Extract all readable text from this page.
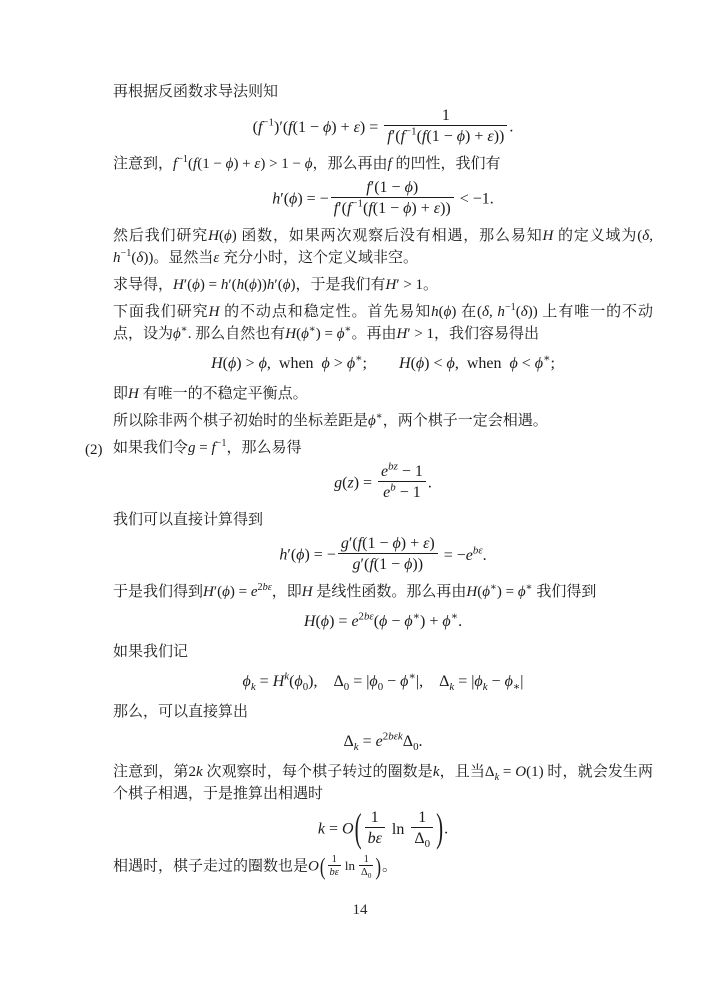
再根据反函数求导法则知
$(f^{-1})'(f(1 - \phi) + \varepsilon) = \frac{1}{f'(f^{-1}(f(1 - \phi) + \varepsilon))}$ .
注意到，$f^{-1}(f(1 - \phi) + \varepsilon) > 1 - \phi$，那么再由f 的凹性，我们有
h′(ϕ) = − $\frac{f'(1 - \phi)}{f'(f^{-1}(f(1 - \phi) + \varepsilon))} < -1$.
然后我们研究H(ϕ) 函数，如果两次观察后没有相遇，那么易知H 的定义域为(δ, $h^{-1}(\delta)$)。显然当ε 充分小时，这个定义域非空。
求导得，H′(ϕ) = h′(h(ϕ))h′(ϕ)，于是我们有H′ > 1。
下面我们研究H 的不动点和稳定性。首先易知h(ϕ) 在(δ, $h^{-1}(\delta)$) 上有唯一的不动点，设为ϕ∗. 那么自然也有H(ϕ∗) = ϕ∗。再由H′ > 1，我们容易得出
H(ϕ) > ϕ, when ϕ > ϕ∗;  H(ϕ) < ϕ, when ϕ < ϕ∗;
即H 有唯一的不稳定平衡点。
所以除非两个棋子初始时的坐标差距是ϕ∗，两个棋子一定会相遇。
(2) 如果我们令$g = f^{-1}$，那么易得
$g(z) = \frac{e^{bz} - 1}{e^b - 1}$ .
我们可以直接计算得到
h′(ϕ) = − $\frac{g'(f(1 - \phi) + \varepsilon)}{g'(f(1 - \phi))} = -e^{b\varepsilon}$.
于是我们得到$H'(\phi) = e^{2b\varepsilon}$，即H 是线性函数。那么再由H(ϕ∗) = ϕ∗ 我们得到
$H(\phi) = e^{2b\varepsilon}(\phi - \phi^∗) + \phi^∗$.
如果我们记
$\phi_k = H^k(\phi_0)$, $\Delta_0 = |\phi_0 - \phi^∗|$, $\Delta_k = |\phi_k - \phi_∗|$
那么，可以直接算出
$\Delta_k = e^{2b\varepsilon k}\Delta_0$.
注意到，第2k 次观察时，每个棋子转过的圈数是k，且当$\Delta_k = O(1)$ 时，就会发生两个棋子相遇，于是推算出相遇时
$k = O( \frac{1}{b\varepsilon}$ $\ln \frac{1}{\Delta_0}$ ).
相遇时，棋子走过的圈数也是$O( \frac{1}{b\varepsilon}$ $\ln \frac{1}{\Delta_0}$ )。
14
